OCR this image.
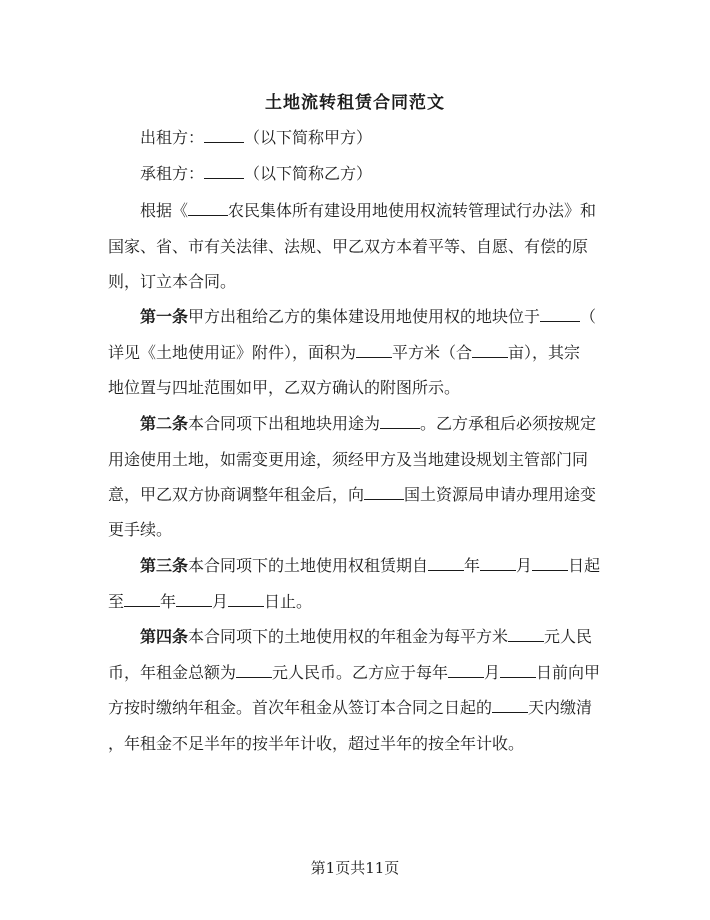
土地流转租赁合同范文
出租方：	（以下简称甲方）
承租方：	（以下简称乙方）
根据《	农民集体所有建设用地使用权流转管理试行办法》和
国家、省、市有关法律、法规、甲乙双方本着平等、自愿、有偿的原
则，订立本合同。
第一条甲方出租给乙方的集体建设用地使用权的地块位于	（
详见《土地使用证》附件），面积为 平方米（合 亩），其宗
地位置与四址范围如甲，乙双方确认的附图所示。
第二条本合同项下出租地块用途为	。乙方承租后必须按规定
用途使用土地，如需变更用途，须经甲方及当地建设规划主管部门同
意，甲乙双方协商调整年租金后，向	国土资源局申请办理用途变
更手续。
第三条本合同项下的土地使用权租赁期自 年 月 日起
至 年 月 日止。
第四条本合同项下的土地使用权的年租金为每平方米 元人民
币，年租金总额为 元人民币。乙方应于每年 月 日前向甲
方按时缴纳年租金。首次年租金从签订本合同之日起的 天内缴清
，年租金不足半年的按半年计收，超过半年的按全年计收。
第1页共11页
